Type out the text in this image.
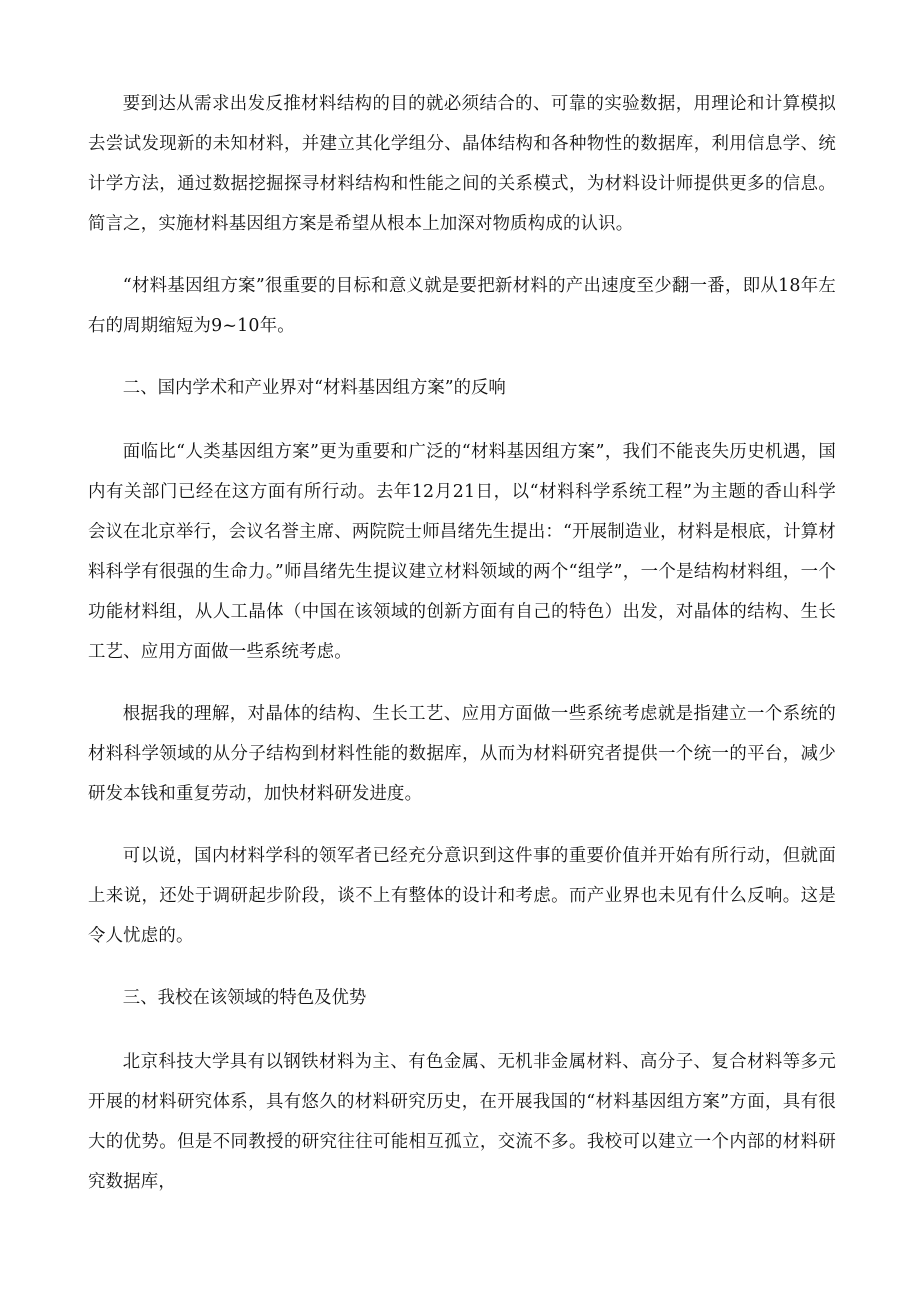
要到达从需求出发反推材料结构的目的就必须结合的、可靠的实验数据，用理论和计算模拟去尝试发现新的未知材料，并建立其化学组分、晶体结构和各种物性的数据库，利用信息学、统计学方法，通过数据挖掘探寻材料结构和性能之间的关系模式，为材料设计师提供更多的信息。简言之，实施材料基因组方案是希望从根本上加深对物质构成的认识。

“材料基因组方案”很重要的目标和意义就是要把新材料的产出速度至少翻一番，即从18年左右的周期缩短为9~10年。

二、国内学术和产业界对“材料基因组方案”的反响

面临比“人类基因组方案”更为重要和广泛的“材料基因组方案”，我们不能丧失历史机遇，国内有关部门已经在这方面有所行动。去年12月21日，以“材料科学系统工程”为主题的香山科学会议在北京举行，会议名誉主席、两院院士师昌绪先生提出：“开展制造业，材料是根底，计算材料科学有很强的生命力。”师昌绪先生提议建立材料领域的两个“组学”，一个是结构材料组，一个功能材料组，从人工晶体（中国在该领域的创新方面有自己的特色）出发，对晶体的结构、生长工艺、应用方面做一些系统考虑。

根据我的理解，对晶体的结构、生长工艺、应用方面做一些系统考虑就是指建立一个系统的材料科学领域的从分子结构到材料性能的数据库，从而为材料研究者提供一个统一的平台，减少研发本钱和重复劳动，加快材料研发进度。

可以说，国内材料学科的领军者已经充分意识到这件事的重要价值并开始有所行动，但就面上来说，还处于调研起步阶段，谈不上有整体的设计和考虑。而产业界也未见有什么反响。这是令人忧虑的。

三、我校在该领域的特色及优势

北京科技大学具有以钢铁材料为主、有色金属、无机非金属材料、高分子、复合材料等多元开展的材料研究体系，具有悠久的材料研究历史，在开展我国的“材料基因组方案”方面，具有很大的优势。但是不同教授的研究往往可能相互孤立，交流不多。我校可以建立一个内部的材料研究数据库，
